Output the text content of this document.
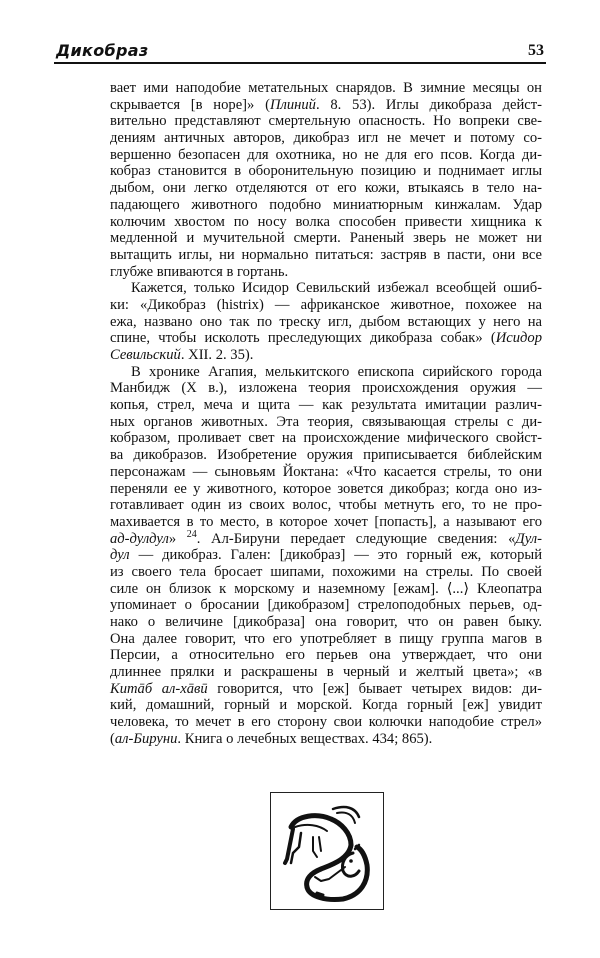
Дикобраз	53

вает ими наподобие метательных снарядов. В зимние месяцы он
скрывается [в норе]» (Плиний. 8. 53). Иглы дикобраза дейст-
вительно представляют смертельную опасность. Но вопреки све-
дениям античных авторов, дикобраз игл не мечет и потому со-
вершенно безопасен для охотника, но не для его псов. Когда ди-
кобраз становится в оборонительную позицию и поднимает иглы
дыбом, они легко отделяются от его кожи, втыкаясь в тело на-
падающего животного подобно миниатюрным кинжалам. Удар
колючим хвостом по носу волка способен привести хищника к
медленной и мучительной смерти. Раненый зверь не может ни
вытащить иглы, ни нормально питаться: застряв в пасти, они все
глубже впиваются в гортань.

Кажется, только Исидор Севильский избежал всеобщей ошиб-
ки: «Дикобраз (histrix) — африканское животное, похожее на
ежа, названо оно так по треску игл, дыбом встающих у него на
спине, чтобы исколоть преследующих дикобраза собак» (Исидор
Севильский. XII. 2. 35).

В хронике Агапия, мелькитского епископа сирийского города
Манбидж (X в.), изложена теория происхождения оружия —
копья, стрел, меча и щита — как результата имитации различ-
ных органов животных. Эта теория, связывающая стрелы с ди-
кобразом, проливает свет на происхождение мифического свойст-
ва дикобразов. Изобретение оружия приписывается библейским
персонажам — сыновьям Йоктана: «Что касается стрелы, то они
переняли ее у животного, которое зовется дикобраз; когда оно из-
готавливает один из своих волос, чтобы метнуть его, то не про-
махивается в то место, в которое хочет [попасть], а называют его
ад-дулдул» $^{24}$. Ал-Бируни передает следующие сведения: «Дул-
дул — дикобраз. Гален: [дикобраз] — это горный еж, который
из своего тела бросает шипами, похожими на стрелы. По своей
силе он близок к морскому и наземному [ежам]. ⟨...⟩ Клеопатра
упоминает о бросании [дикобразом] стрелоподобных перьев, од-
нако о величине [дикобраза] она говорит, что он равен быку.
Она далее говорит, что его употребляет в пищу группа магов в
Персии, а относительно его перьев она утверждает, что они
длиннее прялки и раскрашены в черный и желтый цвета»; «в
Китāб ал-хāвӣ говорится, что [еж] бывает четырех видов: ди-
кий, домашний, горный и морской. Когда горный [еж] увидит
человека, то мечет в его сторону свои колючки наподобие стрел»
(ал-Бируни. Книга о лечебных веществах. 434; 865).
